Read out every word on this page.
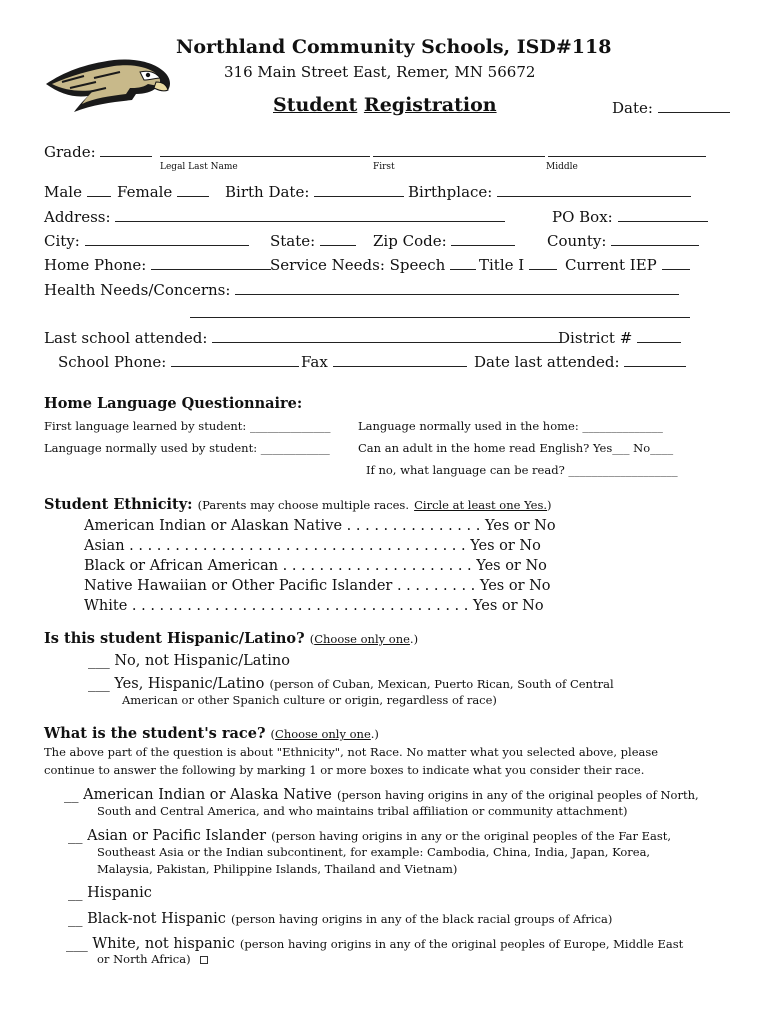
Northland Community Schools, ISD#118
316 Main Street East, Remer, MN 56672
Student Registration	Date:
Grade:
Legal Last Name	First	Middle
Male	Female	Birth Date:	Birthplace:
Address:	PO Box:
City:	State:	Zip Code:	County:
Home Phone:	Service Needs: Speech	Title I	Current IEP
Health Needs/Concerns:
Last school attended:	District #
School Phone:	Fax	Date last attended:
Home Language Questionnaire:
First language learned by student: ______________ Language normally used in the home: ______________
Language normally used by student: ____________ Can an adult in the home read English? Yes___ No____
If no, what language can be read? ___________________
Student Ethnicity: (Parents may choose multiple races. Circle at least one Yes.)
American Indian or Alaskan Native . . . . . . . . . . . . . . . Yes or No
Asian . . . . . . . . . . . . . . . . . . . . . . . . . . . . . . . . . . . . . Yes or No
Black or African American . . . . . . . . . . . . . . . . . . . . . Yes or No
Native Hawaiian or Other Pacific Islander . . . . . . . . . Yes or No
White . . . . . . . . . . . . . . . . . . . . . . . . . . . . . . . . . . . . . Yes or No
Is this student Hispanic/Latino? (Choose only one.)
___ No, not Hispanic/Latino
___ Yes, Hispanic/Latino (person of Cuban, Mexican, Puerto Rican, South of Central
American or other Spanich culture or origin, regardless of race)
What is the student's race? (Choose only one.)
The above part of the question is about "Ethnicity", not Race. No matter what you selected above, please
continue to answer the following by marking 1 or more boxes to indicate what you consider their race.
__ American Indian or Alaska Native (person having origins in any of the original peoples of North,
South and Central America, and who maintains tribal affiliation or community attachment)
__ Asian or Pacific Islander (person having origins in any or the original peoples of the Far East,
Southeast Asia or the Indian subcontinent, for example: Cambodia, China, India, Japan, Korea,
Malaysia, Pakistan, Philippine Islands, Thailand and Vietnam)
__ Hispanic
__ Black-not Hispanic (person having origins in any of the black racial groups of Africa)
___ White, not hispanic (person having origins in any of the original peoples of Europe, Middle East
or North Africa)
